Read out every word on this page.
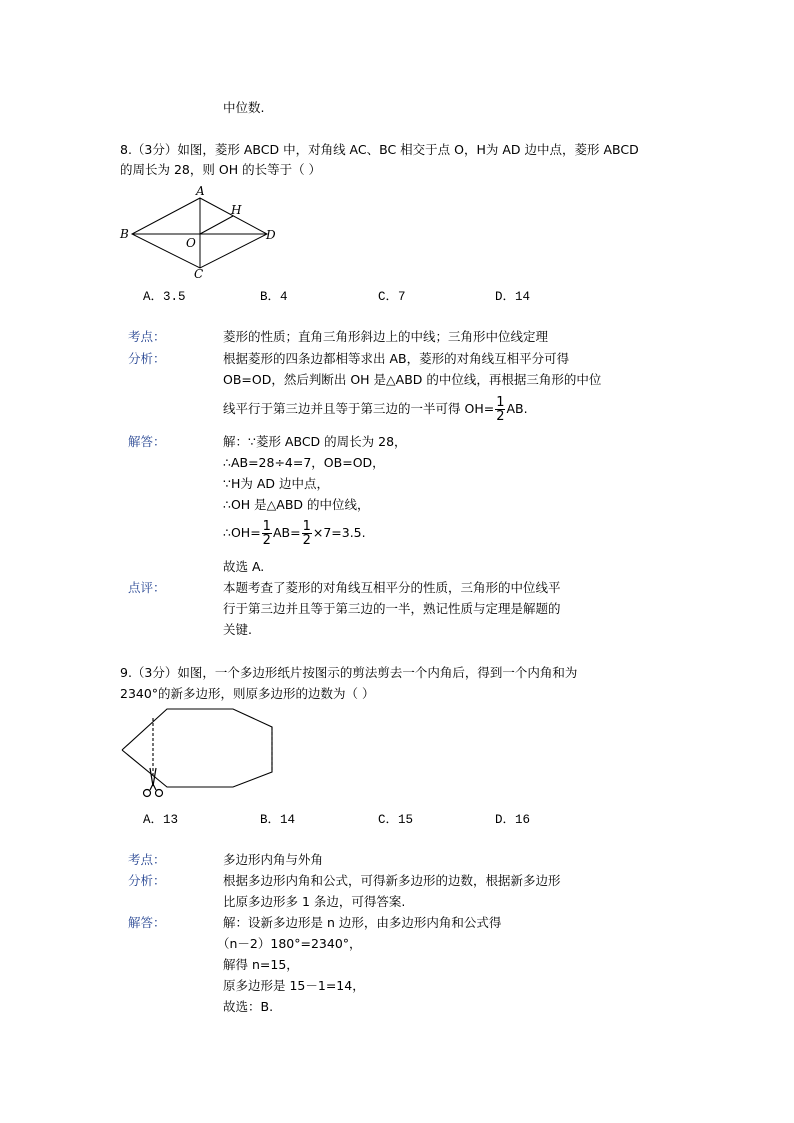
中位数.
8.（3分）如图，菱形 ABCD 中，对角线 AC、BC 相交于点 O，H为 AD 边中点，菱形 ABCD
的周长为 28，则 OH 的长等于（ ）
A
B
C
D
H
O
A．3.5	B．4	C．7	D．14
考点：	菱形的性质；直角三角形斜边上的中线；三角形中位线定理
分析：	根据菱形的四条边都相等求出 AB，菱形的对角线互相平分可得
OB=OD，然后判断出 OH 是△ABD 的中位线，再根据三角形的中位
线平行于第三边并且等于第三边的一半可得 $OH= \frac{1}{2}$ AB.
解答：	解：∵菱形 ABCD 的周长为 28，
∴AB=28÷4=7，OB=OD，
∵H为 AD 边中点，
∴OH 是△ABD 的中位线，
∴OH= $\frac{1}{2} AB= \frac{1}{2} \times 7=3.5$.
故选 A.
点评：	本题考查了菱形的对角线互相平分的性质，三角形的中位线平
行于第三边并且等于第三边的一半，熟记性质与定理是解题的
关键.
9.（3分）如图，一个多边形纸片按图示的剪法剪去一个内角后，得到一个内角和为
2340°的新多边形，则原多边形的边数为（ ）
A．13	B．14	C．15	D．16
考点：	多边形内角与外角
分析：	根据多边形内角和公式，可得新多边形的边数，根据新多边形
比原多边形多 1 条边，可得答案.
解答：	解：设新多边形是 n 边形，由多边形内角和公式得
（n－2）180°=2340°，
解得 n=15，
原多边形是 15－1=14，
故选：B.
